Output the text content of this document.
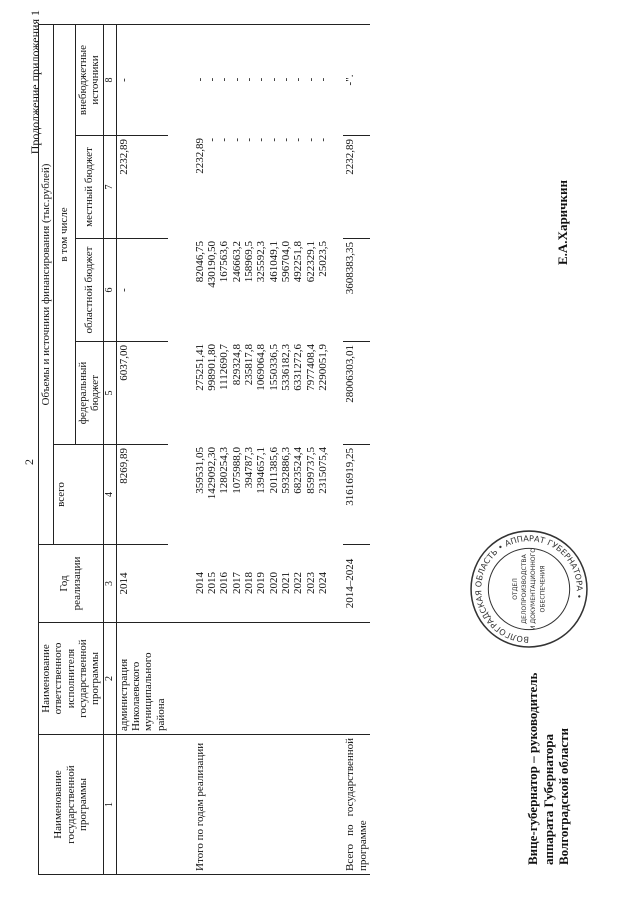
2
Продолжение приложения 1
Наименование государственной программы	Наименование ответственного исполнителя государственной программы	Год реализации	Объемы и источники финансирования (тыс.рублей)
всего	в том числе
федеральный бюджет	областной бюджет	местный бюджет	внебюджетные источники
1	2	3	4	5	6	7	8
	администрация Николаевского муниципального района	2014	8269,89	6037,00	-	2232,89	-
Итого по годам реализации		
2014	359531,05	275251,41	82046,75	2232,89	-
2015	1429092,30	998901,80	430190,50	-	-
2016	1280254,3	1112690,7	167563,6	-	-
2017	1075988,0	829324,8	246663,2	-	-
2018	394787,3	235817,8	158969,5	-	-
2019	1394657,1	1069064,8	325592,3	-	-
2020	2011385,6	1550336,5	461049,1	-	-
2021	5932886,3	5336182,3	596704,0	-	-
2022	6823524,4	6331272,6	492251,8	-	-
2023	8599737,5	7977408,4	622329,1	-	-
2024	2315075,4	2290051,9	25023,5	-	-

Всего по государственной программе		2014–2024	31616919,25	28006303,01	3608383,35	2232,89	-".
ВОЛГОГРАДСКАЯ ОБЛАСТЬ • АППАРАТ ГУБЕРНАТОРА •
ОТДЕЛ ДЕЛОПРОИЗВОДСТВА И ДОКУМЕНТАЦИОННОГО ОБЕСПЕЧЕНИЯ
Вице-губернатор – руководитель аппарата Губернатора Волгоградской области
Е.А.Харичкин
